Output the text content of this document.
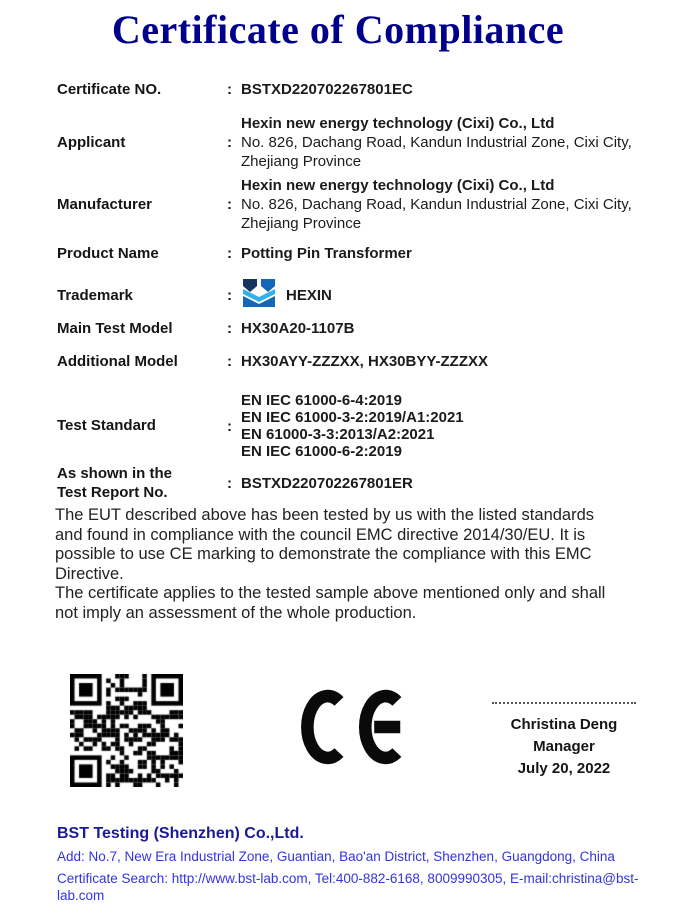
Certificate of Compliance
Certificate NO.	: BSTXD220702267801EC
Applicant	:
Hexin new energy technology (Cixi) Co., Ltd
No. 826, Dachang Road, Kandun Industrial Zone, Cixi City,
Zhejiang Province
Manufacturer	:
Hexin new energy technology (Cixi) Co., Ltd
No. 826, Dachang Road, Kandun Industrial Zone, Cixi City,
Zhejiang Province
Product Name	: Potting Pin Transformer
Trademark	:	HEXIN
Main Test Model	: HX30A20-1107B
Additional Model	: HX30AYY-ZZZXX, HX30BYY-ZZZXX
Test Standard	:
EN IEC 61000-6-4:2019
EN IEC 61000-3-2:2019/A1:2021
EN 61000-3-3:2013/A2:2021
EN IEC 61000-6-2:2019
As shown in the
Test Report No.
: BSTXD220702267801ER

The EUT described above has been tested by us with the listed standards and found in compliance with the council EMC directive 2014/30/EU. It is possible to use CE marking to demonstrate the compliance with this EMC Directive.

The certificate applies to the tested sample above mentioned only and shall not imply an assessment of the whole production.

Christina Deng
Manager
July 20, 2022
BST Testing (Shenzhen) Co.,Ltd.
Add: No.7, New Era Industrial Zone, Guantian, Bao'an District, Shenzhen, Guangdong, China
Certificate Search: http://www.bst-lab.com, Tel:400-882-6168, 8009990305, E-mail:christina@bst-lab.com
